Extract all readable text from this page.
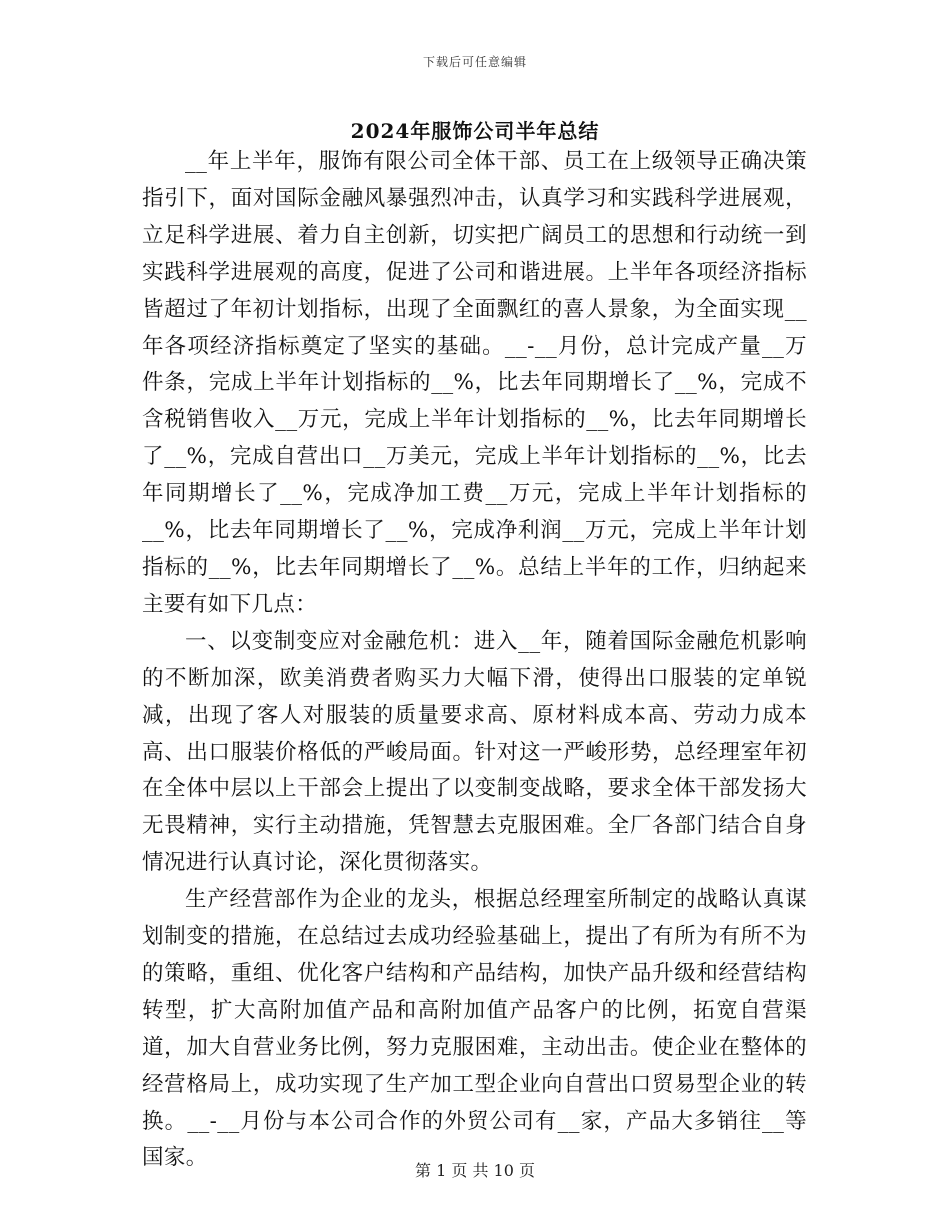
下载后可任意编辑
2024年服饰公司半年总结

__年上半年，服饰有限公司全体干部、员工在上级领导正确决策指引下，面对国际金融风暴强烈冲击，认真学习和实践科学进展观，立足科学进展、着力自主创新，切实把广阔员工的思想和行动统一到实践科学进展观的高度，促进了公司和谐进展。上半年各项经济指标皆超过了年初计划指标，出现了全面飘红的喜人景象，为全面实现__年各项经济指标奠定了坚实的基础。__-__月份，总计完成产量__万件条，完成上半年计划指标的__%，比去年同期增长了__%，完成不含税销售收入__万元，完成上半年计划指标的__%，比去年同期增长了__%，完成自营出口__万美元，完成上半年计划指标的__%，比去年同期增长了__%，完成净加工费__万元，完成上半年计划指标的__%，比去年同期增长了__%，完成净利润__万元，完成上半年计划指标的__%，比去年同期增长了__%。总结上半年的工作，归纳起来主要有如下几点：

一、以变制变应对金融危机：进入__年，随着国际金融危机影响的不断加深，欧美消费者购买力大幅下滑，使得出口服装的定单锐减，出现了客人对服装的质量要求高、原材料成本高、劳动力成本高、出口服装价格低的严峻局面。针对这一严峻形势，总经理室年初在全体中层以上干部会上提出了以变制变战略，要求全体干部发扬大无畏精神，实行主动措施，凭智慧去克服困难。全厂各部门结合自身情况进行认真讨论，深化贯彻落实。

生产经营部作为企业的龙头，根据总经理室所制定的战略认真谋划制变的措施，在总结过去成功经验基础上，提出了有所为有所不为的策略，重组、优化客户结构和产品结构，加快产品升级和经营结构转型，扩大高附加值产品和高附加值产品客户的比例，拓宽自营渠道，加大自营业务比例，努力克服困难，主动出击。使企业在整体的经营格局上，成功实现了生产加工型企业向自营出口贸易型企业的转换。__-__月份与本公司合作的外贸公司有__家，产品大多销往__等国家。

第 1 页 共 10 页
